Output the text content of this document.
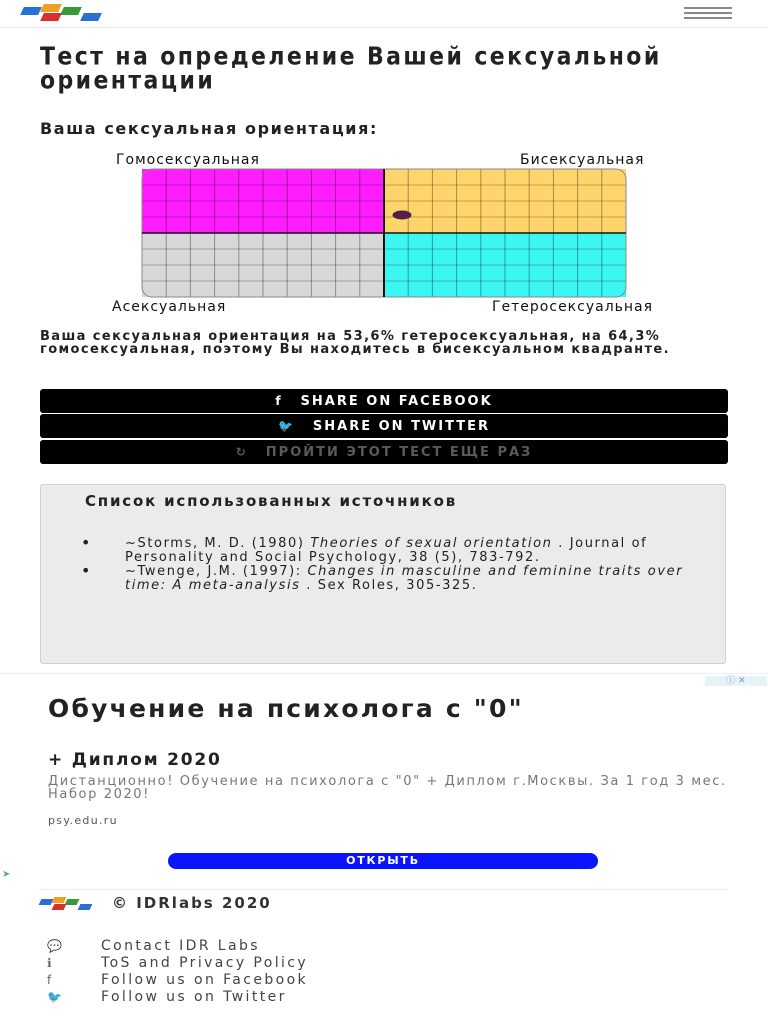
Тест на определение Вашей сексуальной ориентации
Ваша сексуальная ориентация:
Гомосексуальная	Бисексуальная
Асексуальная	Гетеросексуальная
Ваша сексуальная ориентация на 53,6% гетеросексуальная, на 64,3% гомосексуальная, поэтому Вы находитесь в бисексуальном квадранте.
f SHARE ON FACEBOOK
🐦 SHARE ON TWITTER
↻ ПРОЙТИ ЭТОТ ТЕСТ ЕЩЕ РАЗ
Список использованных источников
• ~Storms, M. D. (1980) Theories of sexual orientation . Journal of Personality and Social Psychology, 38 (5), 783-792.
• ~Twenge, J.M. (1997): Changes in masculine and feminine traits over time: A meta-analysis . Sex Roles, 305-325.
ⓘ ✕
Обучение на психолога с "0"
+ Диплом 2020
Дистанционно! Обучение на психолога с "0" + Диплом г.Москвы. За 1 год 3 мес. Набор 2020!
psy.edu.ru
ОТКРЫТЬ
➤
© IDRlabs 2020
💬	Contact IDR Labs
ℹ	ToS and Privacy Policy
f	Follow us on Facebook
🐦	Follow us on Twitter
